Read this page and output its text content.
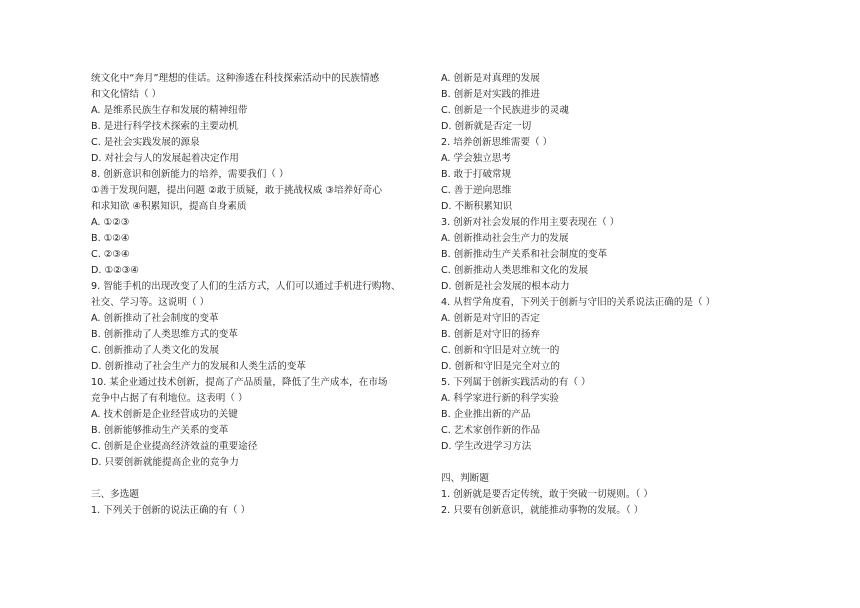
统文化中“奔月”理想的佳话。这种渗透在科技探索活动中的民族情感
和文化情结（ ）
A. 是维系民族生存和发展的精神纽带
B. 是进行科学技术探索的主要动机
C. 是社会实践发展的源泉
D. 对社会与人的发展起着决定作用
8. 创新意识和创新能力的培养，需要我们（ ）
①善于发现问题，提出问题 ②敢于质疑，敢于挑战权威 ③培养好奇心
和求知欲 ④积累知识，提高自身素质
A. ①②③
B. ①②④
C. ②③④
D. ①②③④
9. 智能手机的出现改变了人们的生活方式，人们可以通过手机进行购物、
社交、学习等。这说明（ ）
A. 创新推动了社会制度的变革
B. 创新推动了人类思维方式的变革
C. 创新推动了人类文化的发展
D. 创新推动了社会生产力的发展和人类生活的变革
10. 某企业通过技术创新，提高了产品质量，降低了生产成本，在市场
竞争中占据了有利地位。这表明（ ）
A. 技术创新是企业经营成功的关键
B. 创新能够推动生产关系的变革
C. 创新是企业提高经济效益的重要途径
D. 只要创新就能提高企业的竞争力
三、多选题
1. 下列关于创新的说法正确的有（ ）
A. 创新是对真理的发展
B. 创新是对实践的推进
C. 创新是一个民族进步的灵魂
D. 创新就是否定一切
2. 培养创新思维需要（ ）
A. 学会独立思考
B. 敢于打破常规
C. 善于逆向思维
D. 不断积累知识
3. 创新对社会发展的作用主要表现在（ ）
A. 创新推动社会生产力的发展
B. 创新推动生产关系和社会制度的变革
C. 创新推动人类思维和文化的发展
D. 创新是社会发展的根本动力
4. 从哲学角度看，下列关于创新与守旧的关系说法正确的是（ ）
A. 创新是对守旧的否定
B. 创新是对守旧的扬弃
C. 创新和守旧是对立统一的
D. 创新和守旧是完全对立的
5. 下列属于创新实践活动的有（ ）
A. 科学家进行新的科学实验
B. 企业推出新的产品
C. 艺术家创作新的作品
D. 学生改进学习方法
四、判断题
1. 创新就是要否定传统，敢于突破一切规则。（ ）
2. 只要有创新意识，就能推动事物的发展。（ ）
